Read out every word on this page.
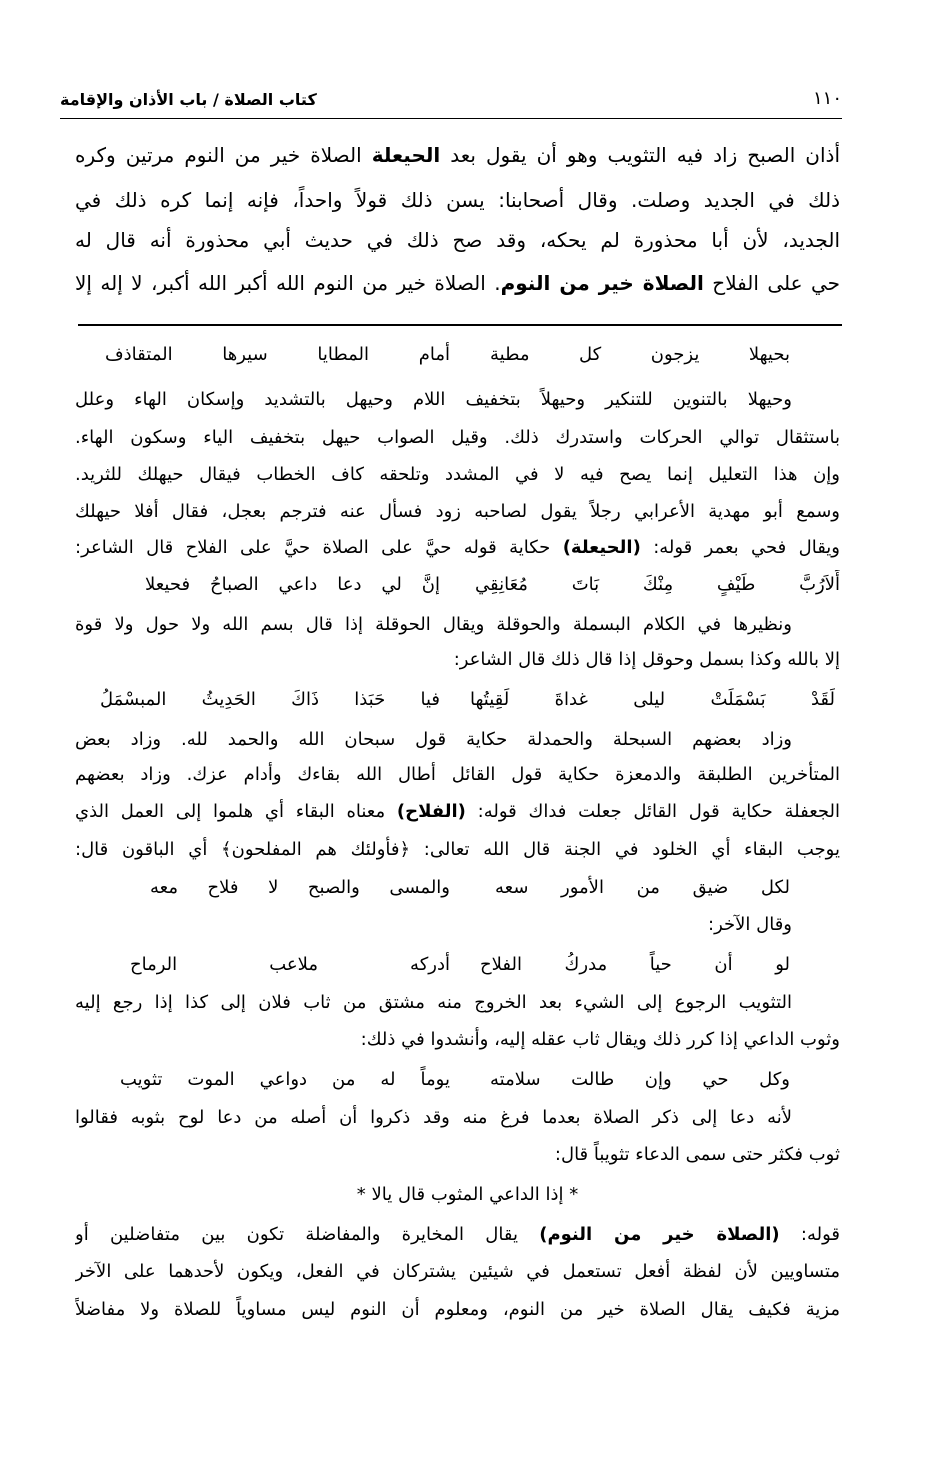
١١٠
كتاب الصلاة / باب الأذان والإقامة
أذان الصبح زاد فيه التثويب وهو أن يقول بعد الحيعلة الصلاة خير من النوم مرتين وكره
ذلك في الجديد وصلت. وقال أصحابنا: يسن ذلك قولاً واحداً، فإنه إنما كره ذلك في
الجديد، لأن أبا محذورة لم يحكه، وقد صح ذلك في حديث أبي محذورة أنه قال له
حي على الفلاح الصلاة خير من النوم. الصلاة خير من النوم الله أكبر الله أكبر، لا إله إلا
بحيهلا يزجون كل مطية
أمام المطايا سيرها المتقاذف
وحيهلا بالتنوين للتنكير وحيهلاً بتخفيف اللام وحيهل بالتشديد وإسكان الهاء وعلل
باستثقال توالي الحركات واستدرك ذلك. وقيل الصواب حيهل بتخفيف الياء وسكون الهاء.
وإن هذا التعليل إنما يصح فيه لا في المشدد وتلحقه كاف الخطاب فيقال حيهلك للثريد.
وسمع أبو مهدية الأعرابي رجلاً يقول لصاحبه زود فسأل عنه فترجم بعجل، فقال أفلا حيهلك
ويقال فحي بعمر قوله: (الحيعلة) حكاية قوله حيَّ على الصلاة حيَّ على الفلاح قال الشاعر:
أَلاَرُبَّ طَيْفٍ مِنْكَ بَاتَ مُعَانِقِي
إنَّ لي دعا داعي الصباحُ فحيعلا
ونظيرها في الكلام البسملة والحوقلة ويقال الحوقلة إذا قال بسم الله ولا حول ولا قوة
إلا بالله وكذا بسمل وحوقل إذا قال ذلك قال الشاعر:
لَقَدْ بَسْمَلَتْ ليلى غداةَ لَقِيتُها
فيا حَبَذا ذَاكَ الحَدِيثُ المبسْمَلُ
وزاد بعضهم السبحلة والحمدلة حكاية قول سبحان الله والحمد لله. وزاد بعض
المتأخرين الطلبقة والدمعزة حكاية قول القائل أطال الله بقاءك وأدام عزك. وزاد بعضهم
الجعفلة حكاية قول القائل جعلت فداك قوله: (الفلاح) معناه البقاء أي هلموا إلى العمل الذي
يوجب البقاء أي الخلود في الجنة قال الله تعالى: ﴿فأولئك هم المفلحون﴾ أي الباقون قال:
لكل ضيق من الأمور سعه
والمسى والصبح لا فلاح معه
وقال الآخر:
لو أن حياً مدركُ الفلاح
أدركه ملاعب الرماح
التثويب الرجوع إلى الشيء بعد الخروج منه مشتق من ثاب فلان إلى كذا إذا رجع إليه
وثوب الداعي إذا كرر ذلك ويقال ثاب عقله إليه، وأنشدوا في ذلك:
وكل حي وإن طالت سلامته
يوماً له من دواعي الموت تثويب
لأنه دعا إلى ذكر الصلاة بعدما فرغ منه وقد ذكروا أن أصله من دعا لوح بثوبه فقالوا
ثوب فكثر حتى سمى الدعاء تثويباً قال:
* إذا الداعي المثوب قال يالا *
قوله: (الصلاة خير من النوم) يقال المخايرة والمفاضلة تكون بين متفاضلين أو
متساويين لأن لفظة أفعل تستعمل في شيئين يشتركان في الفعل، ويكون لأحدهما على الآخر
مزية فكيف يقال الصلاة خير من النوم، ومعلوم أن النوم ليس مساوياً للصلاة ولا مفاضلاً
